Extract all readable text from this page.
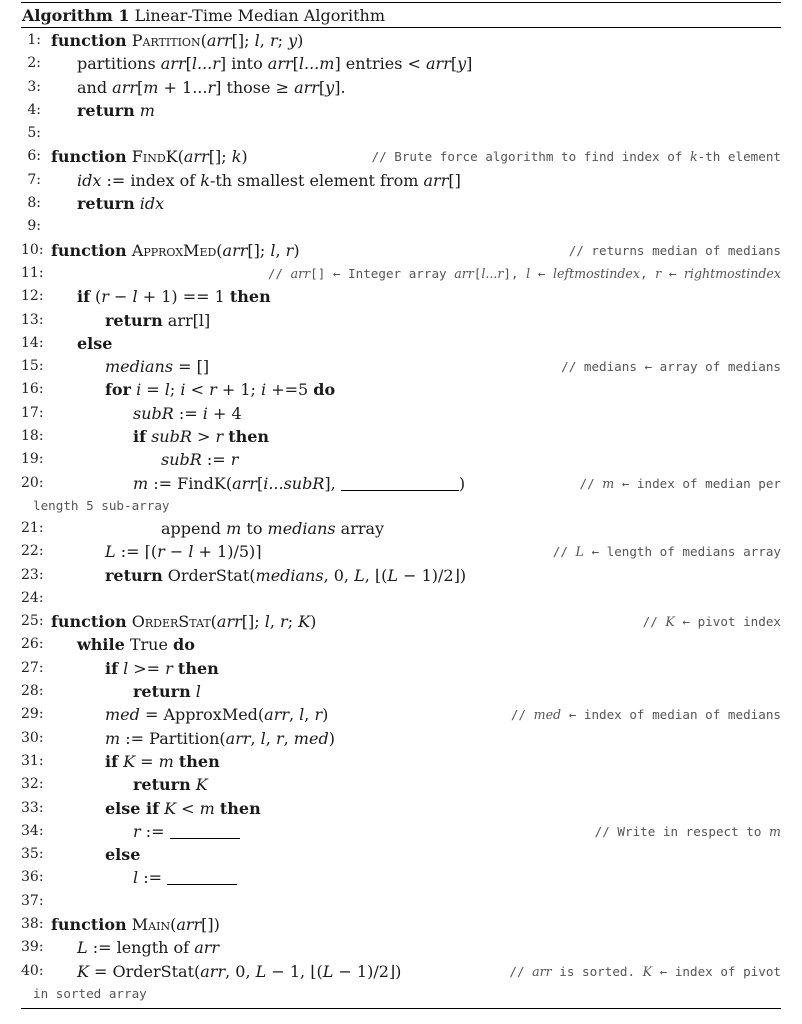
Algorithm 1 Linear-Time Median Algorithm
1: function Partition(arr[]; l, r; y)
2: partitions arr[l...r] into arr[l...m] entries < arr[y]
3: and arr[m + 1...r] those ≥ arr[y].
4: return m
5:
6: function FindK(arr[]; k)	// Brute force algorithm to find index of k-th element
7: idx := index of k-th smallest element from arr[]
8: return idx
9:
10: function ApproxMed(arr[]; l, r)	// returns median of medians
11:	// arr[] ← Integer array arr[l...r], l ← leftmostindex, r ← rightmostindex
12: if (r − l + 1) == 1 then
13:	return arr[l]
14: else
15:	medians = []	// medians ← array of medians
16:	for i = l; i < r + 1; i +=5 do
17:	subR := i + 4
18:	if subR > r then
19:	subR := r
20:	m := FindK(arr[i...subR],	)	// m ← index of median per
length 5 sub-array
21:	append m to medians array
22:	L := ⌈(r − l + 1)/5)⌉	// L ← length of medians array
23:	return OrderStat(medians, 0, L, ⌊(L − 1)/2⌋)
24:
25: function OrderStat(arr[]; l, r; K)	// K ← pivot index
26: while True do
27:	if l >= r then
28:	return l
29:	med = ApproxMed(arr, l, r)	// med ← index of median of medians
30:	m := Partition(arr, l, r, med)
31:	if K = m then
32:	return K
33:	else if K < m then
34:	r :=	// Write in respect to m
35:	else
36:	l :=
37:
38: function Main(arr[])
39: L := length of arr
40: K = OrderStat(arr, 0, L − 1, ⌊(L − 1)/2⌋)	// arr is sorted. K ← index of pivot
in sorted array
